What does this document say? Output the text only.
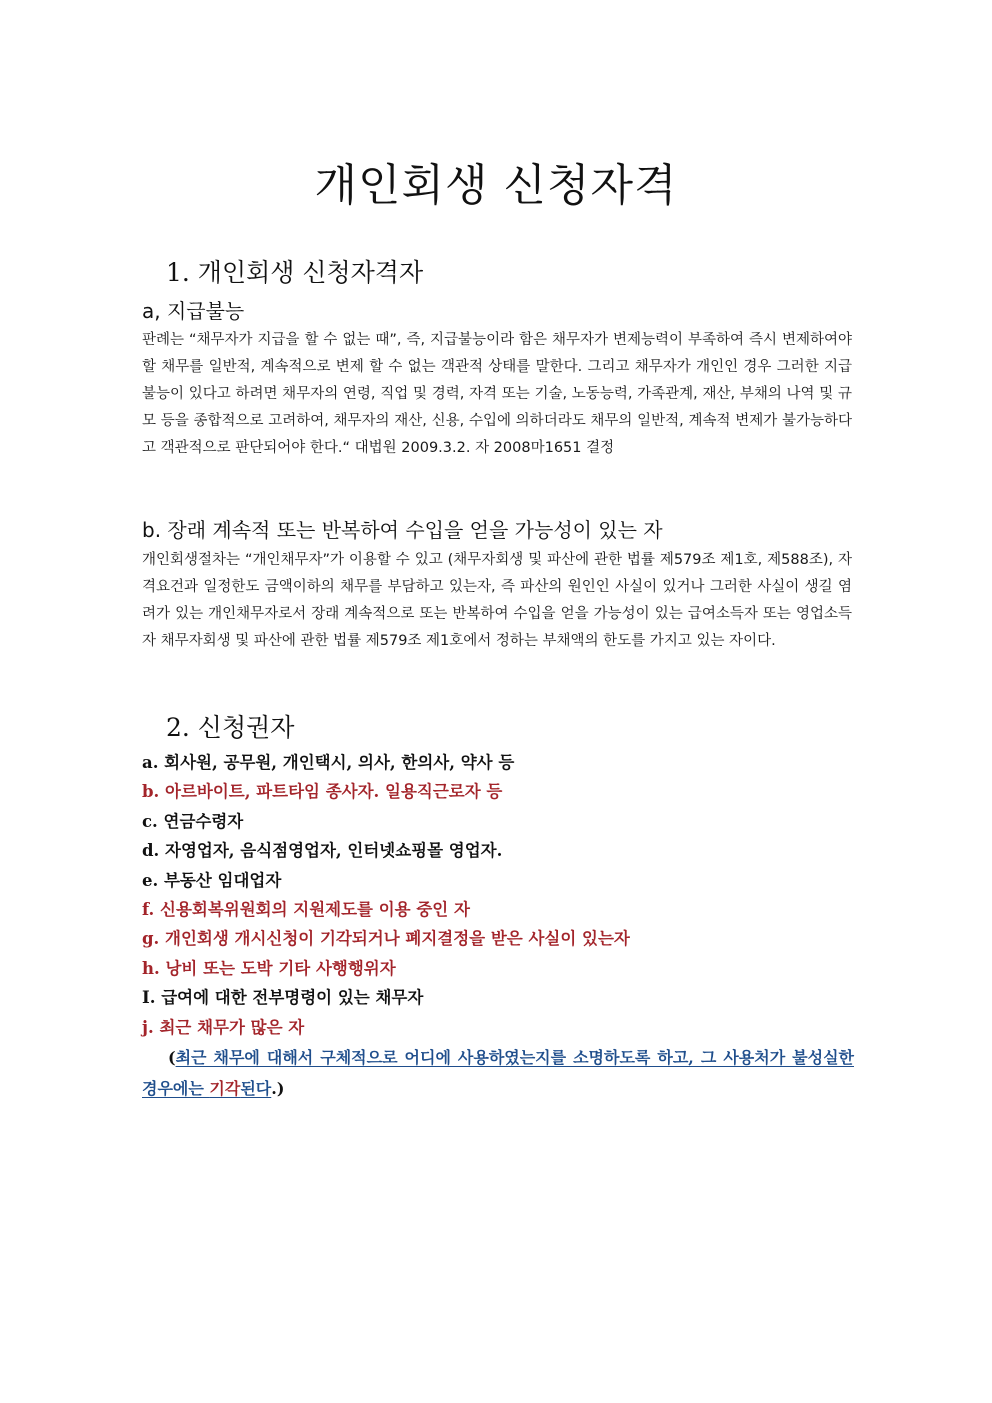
개인회생 신청자격
1. 개인회생 신청자격자
a, 지급불능

판례는 “채무자가 지급을 할 수 없는 때”, 즉, 지급불능이라 함은 채무자가 변제능력이 부족하여 즉시 변제하여야 할 채무를 일반적, 계속적으로 변제 할 수 없는 객관적 상태를 말한다. 그리고 채무자가 개인인 경우 그러한 지급불능이 있다고 하려면 채무자의 연령, 직업 및 경력, 자격 또는 기술, 노동능력, 가족관계, 재산, 부채의 나역 및 규모 등을 종합적으로 고려하여, 채무자의 재산, 신용, 수입에 의하더라도 채무의 일반적, 계속적 변제가 불가능하다고 객관적으로 판단되어야 한다.“ 대법원 2009.3.2. 자 2008마1651 결정

b. 장래 계속적 또는 반복하여 수입을 얻을 가능성이 있는 자

개인회생절차는 “개인채무자”가 이용할 수 있고 (채무자회생 및 파산에 관한 법률 제579조 제1호, 제588조), 자격요건과 일정한도 금액이하의 채무를 부담하고 있는자, 즉 파산의 원인인 사실이 있거나 그러한 사실이 생길 염려가 있는 개인채무자로서 장래 계속적으로 또는 반복하여 수입을 얻을 가능성이 있는 급여소득자 또는 영업소득자 채무자회생 및 파산에 관한 법률 제579조 제1호에서 정하는 부채액의 한도를 가지고 있는 자이다.

2. 신청권자
a. 회사원, 공무원, 개인택시, 의사, 한의사, 약사 등
b. 아르바이트, 파트타임 종사자. 일용직근로자 등
c. 연금수령자
d. 자영업자, 음식점영업자, 인터넷쇼핑몰 영업자.
e. 부동산 임대업자
f. 신용회복위원회의 지원제도를 이용 중인 자
g. 개인회생 개시신청이 기각되거나 폐지결정을 받은 사실이 있는자
h. 낭비 또는 도박 기타 사행행위자
I. 급여에 대한 전부명령이 있는 채무자
j. 최근 채무가 많은 자

(최근 채무에 대해서 구체적으로 어디에 사용하였는지를 소명하도록 하고, 그 사용처가 불성실한 경우에는 기각된다.)
